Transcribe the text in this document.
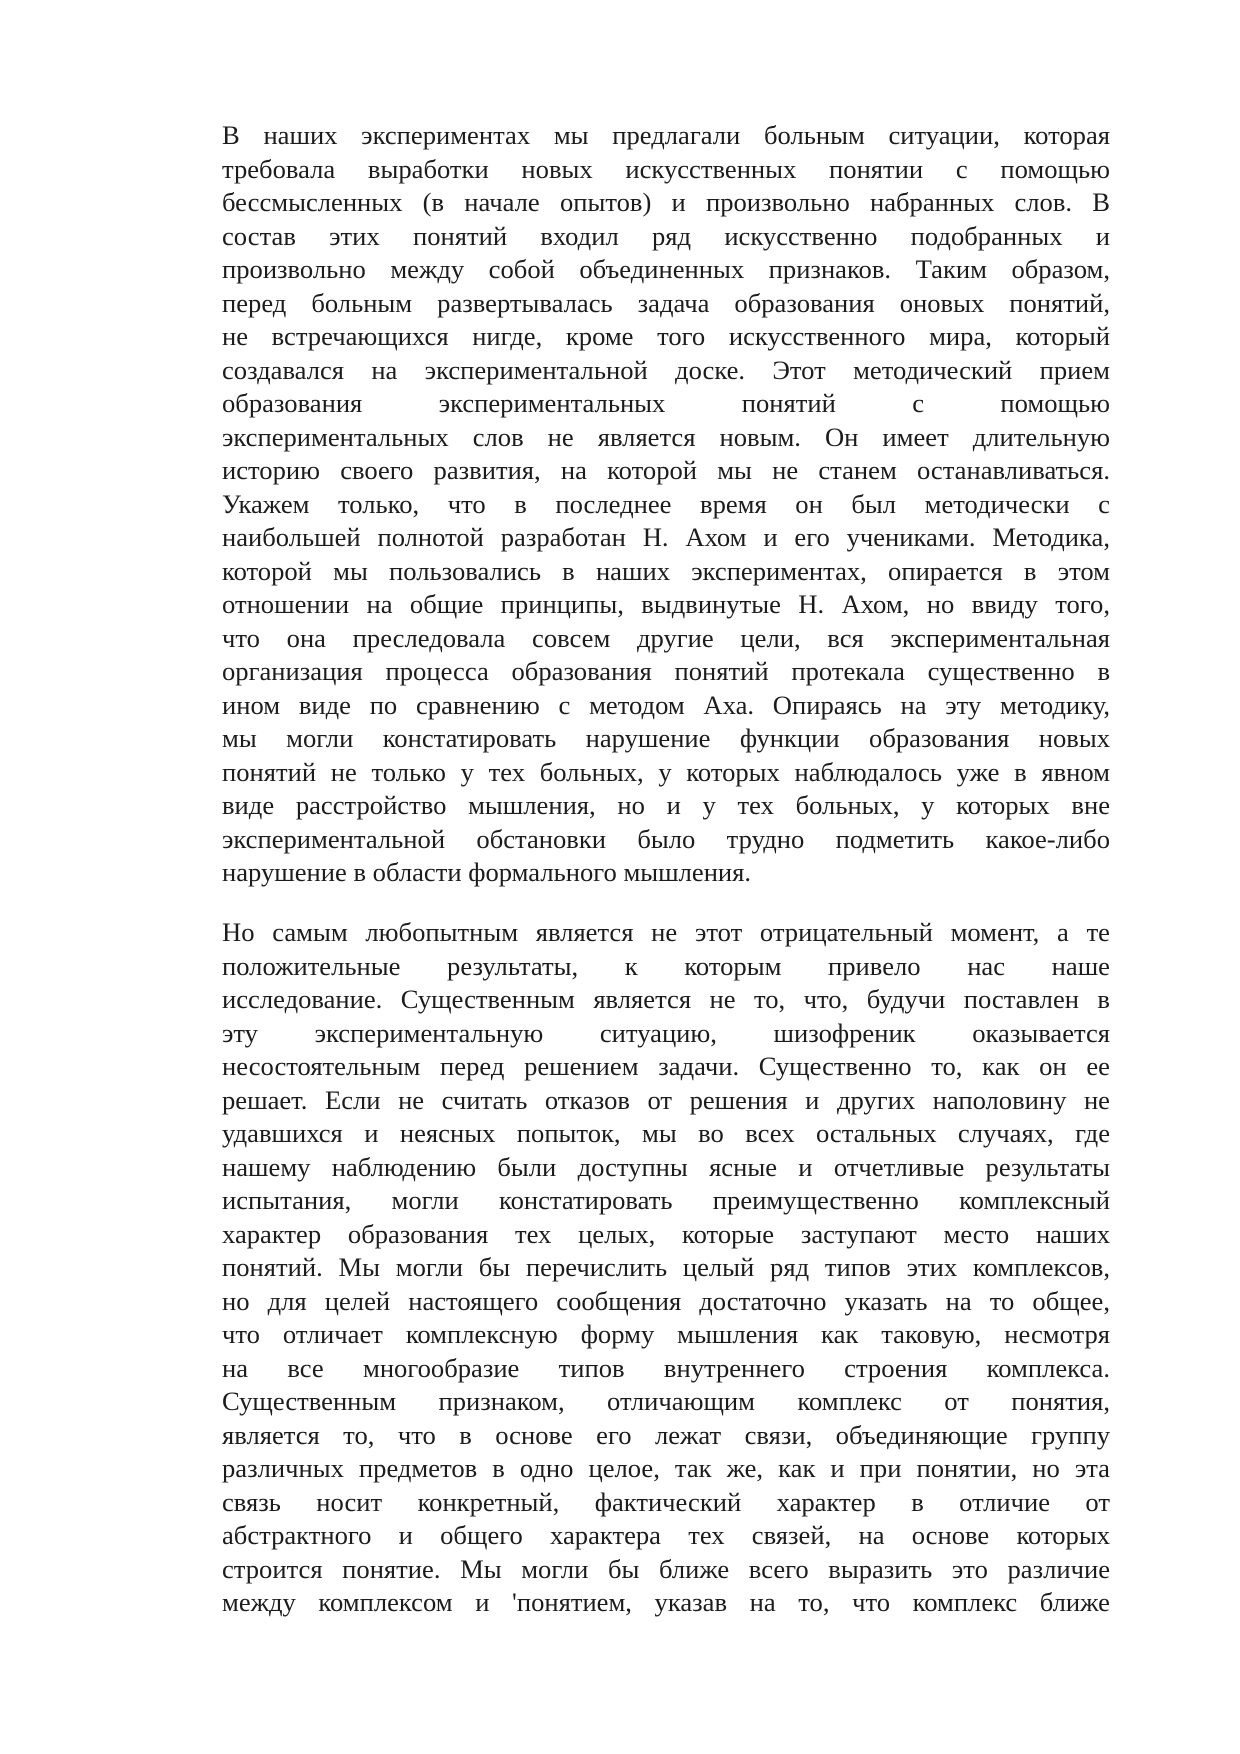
В наших экспериментах мы предлагали больным ситуации, которая
требовала выработки новых искусственных понятии с помощью
бессмысленных (в начале опытов) и произвольно набранных слов. В
состав этих понятий входил ряд искусственно подобранных и
произвольно между собой объединенных признаков. Таким образом,
перед больным развертывалась задача образования оновых понятий,
не встречающихся нигде, кроме того искусственного мира, который
создавался на экспериментальной доске. Этот методический прием
образования экспериментальных понятий с помощью
экспериментальных слов не является новым. Он имеет длительную
историю своего развития, на которой мы не станем останавливаться.
Укажем только, что в последнее время он был методически с
наибольшей полнотой разработан Н. Ахом и его учениками. Методика,
которой мы пользовались в наших экспериментах, опирается в этом
отношении на общие принципы, выдвинутые Н. Ахом, но ввиду того,
что она преследовала совсем другие цели, вся экспериментальная
организация процесса образования понятий протекала существенно в
ином виде по сравнению с методом Аха. Опираясь на эту методику,
мы могли констатировать нарушение функции образования новых
понятий не только у тех больных, у которых наблюдалось уже в явном
виде расстройство мышления, но и у тех больных, у которых вне
экспериментальной обстановки было трудно подметить какое-либо
нарушение в области формального мышления.
Но самым любопытным является не этот отрицательный момент, а те
положительные результаты, к которым привело нас наше
исследование. Существенным является не то, что, будучи поставлен в
эту экспериментальную ситуацию, шизофреник оказывается
несостоятельным перед решением задачи. Существенно то, как он ее
решает. Если не считать отказов от решения и других наполовину не
удавшихся и неясных попыток, мы во всех остальных случаях, где
нашему наблюдению были доступны ясные и отчетливые результаты
испытания, могли констатировать преимущественно комплексный
характер образования тех целых, которые заступают место наших
понятий. Мы могли бы перечислить целый ряд типов этих комплексов,
но для целей настоящего сообщения достаточно указать на то общее,
что отличает комплексную форму мышления как таковую, несмотря
на все многообразие типов внутреннего строения комплекса.
Существенным признаком, отличающим комплекс от понятия,
является то, что в основе его лежат связи, объединяющие группу
различных предметов в одно целое, так же, как и при понятии, но эта
связь носит конкретный, фактический характер в отличие от
абстрактного и общего характера тех связей, на основе которых
строится понятие. Мы могли бы ближе всего выразить это различие
между комплексом и 'понятием, указав на то, что комплекс ближе
